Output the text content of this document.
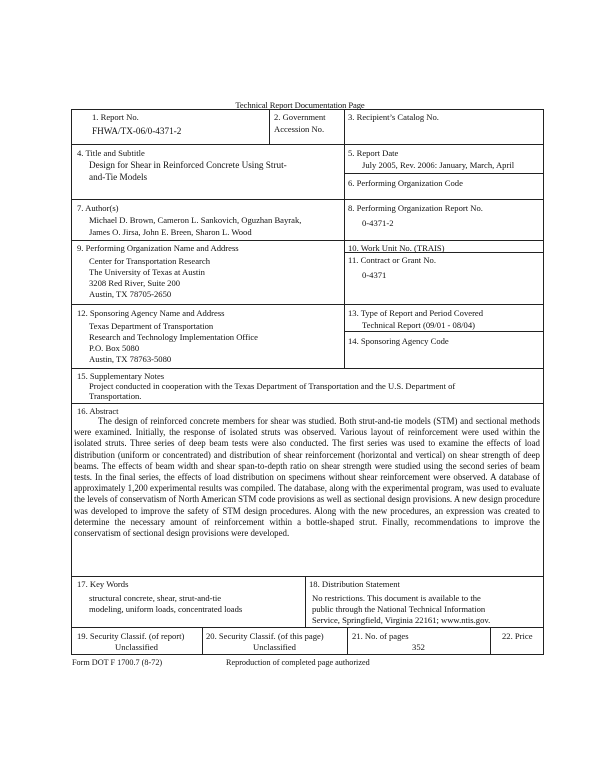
Technical Report Documentation Page
1. Report No.
FHWA/TX-06/0-4371-2
2. Government
Accession No.
3. Recipient’s Catalog No.
4. Title and Subtitle
Design for Shear in Reinforced Concrete Using Strut-
and-Tie Models
5. Report Date
July 2005, Rev. 2006: January, March, April
6. Performing Organization Code
7. Author(s)
Michael D. Brown, Cameron L. Sankovich, Oguzhan Bayrak,
James O. Jirsa, John E. Breen, Sharon L. Wood
8. Performing Organization Report No.
0-4371-2
9. Performing Organization Name and Address
Center for Transportation Research
The University of Texas at Austin
3208 Red River, Suite 200
Austin, TX 78705-2650
10. Work Unit No. (TRAIS)
11. Contract or Grant No.
0-4371
12. Sponsoring Agency Name and Address
Texas Department of Transportation
Research and Technology Implementation Office
P.O. Box 5080
Austin, TX 78763-5080
13. Type of Report and Period Covered
Technical Report (09/01 - 08/04)
14. Sponsoring Agency Code
15. Supplementary Notes
Project conducted in cooperation with the Texas Department of Transportation and the U.S. Department of
Transportation.
16. Abstract
The design of reinforced concrete members for shear was studied. Both strut-and-tie models (STM) and sectional methods were examined. Initially, the response of isolated struts was observed. Various layout of reinforcement were used within the isolated struts. Three series of deep beam tests were also conducted. The first series was used to examine the effects of load distribution (uniform or concentrated) and distribution of shear reinforcement (horizontal and vertical) on shear strength of deep beams. The effects of beam width and shear span-to-depth ratio on shear strength were studied using the second series of beam tests. In the final series, the effects of load distribution on specimens without shear reinforcement were observed. A database of approximately 1,200 experimental results was compiled. The database, along with the experimental program, was used to evaluate the levels of conservatism of North American STM code provisions as well as sectional design provisions. A new design procedure was developed to improve the safety of STM design procedures. Along with the new procedures, an expression was created to determine the necessary amount of reinforcement within a bottle-shaped strut. Finally, recommendations to improve the conservatism of sectional design provisions were developed.
17. Key Words
structural concrete, shear, strut-and-tie
modeling, uniform loads, concentrated loads
18. Distribution Statement
No restrictions. This document is available to the
public through the National Technical Information
Service, Springfield, Virginia 22161; www.ntis.gov.
19. Security Classif. (of report)
Unclassified
20. Security Classif. (of this page)
Unclassified
21. No. of pages
352
22. Price
Form DOT F 1700.7 (8-72)	Reproduction of completed page authorized
